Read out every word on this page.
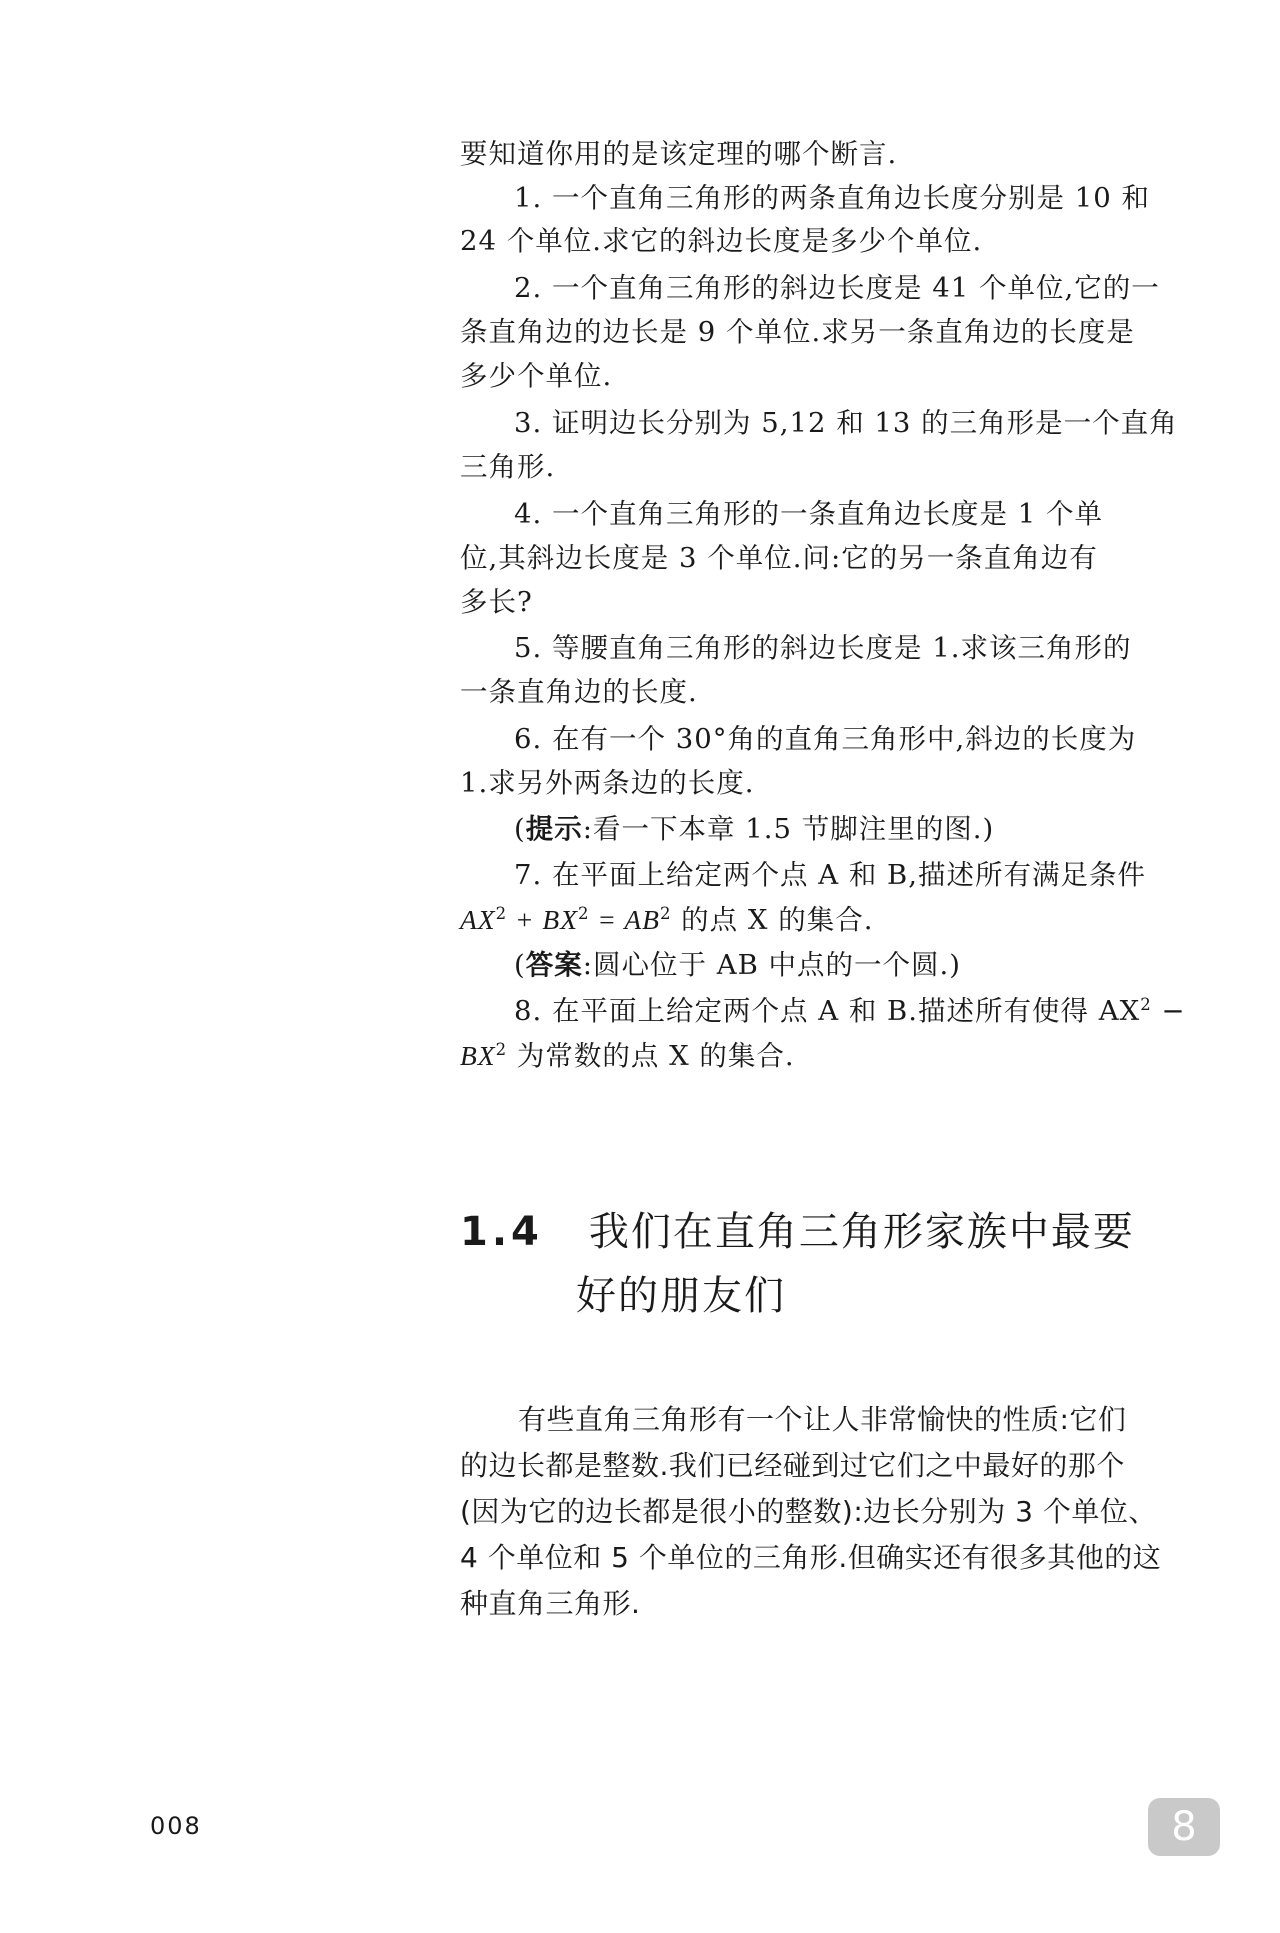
要知道你用的是该定理的哪个断言.
1. 一个直角三角形的两条直角边长度分别是 10 和
24 个单位.求它的斜边长度是多少个单位.
2. 一个直角三角形的斜边长度是 41 个单位,它的一
条直角边的边长是 9 个单位.求另一条直角边的长度是
多少个单位.
3. 证明边长分别为 5,12 和 13 的三角形是一个直角
三角形.
4. 一个直角三角形的一条直角边长度是 1 个单
位,其斜边长度是 3 个单位.问:它的另一条直角边有
多长?
5. 等腰直角三角形的斜边长度是 1.求该三角形的
一条直角边的长度.
6. 在有一个 30°角的直角三角形中,斜边的长度为
1.求另外两条边的长度.
(提示:看一下本章 1.5 节脚注里的图.)
7. 在平面上给定两个点 A 和 B,描述所有满足条件
$AX^2 + BX^2 = AB^2$ 的点 X 的集合.
(答案:圆心位于 AB 中点的一个圆.)
8. 在平面上给定两个点 A 和 B.描述所有使得 $AX^2$ −
$BX^2$ 为常数的点 X 的集合.
1.4 我们在直角三角形家族中最要
好的朋友们
有些直角三角形有一个让人非常愉快的性质:它们
的边长都是整数.我们已经碰到过它们之中最好的那个
(因为它的边长都是很小的整数):边长分别为 3 个单位、
4 个单位和 5 个单位的三角形.但确实还有很多其他的这
种直角三角形.
008	8
